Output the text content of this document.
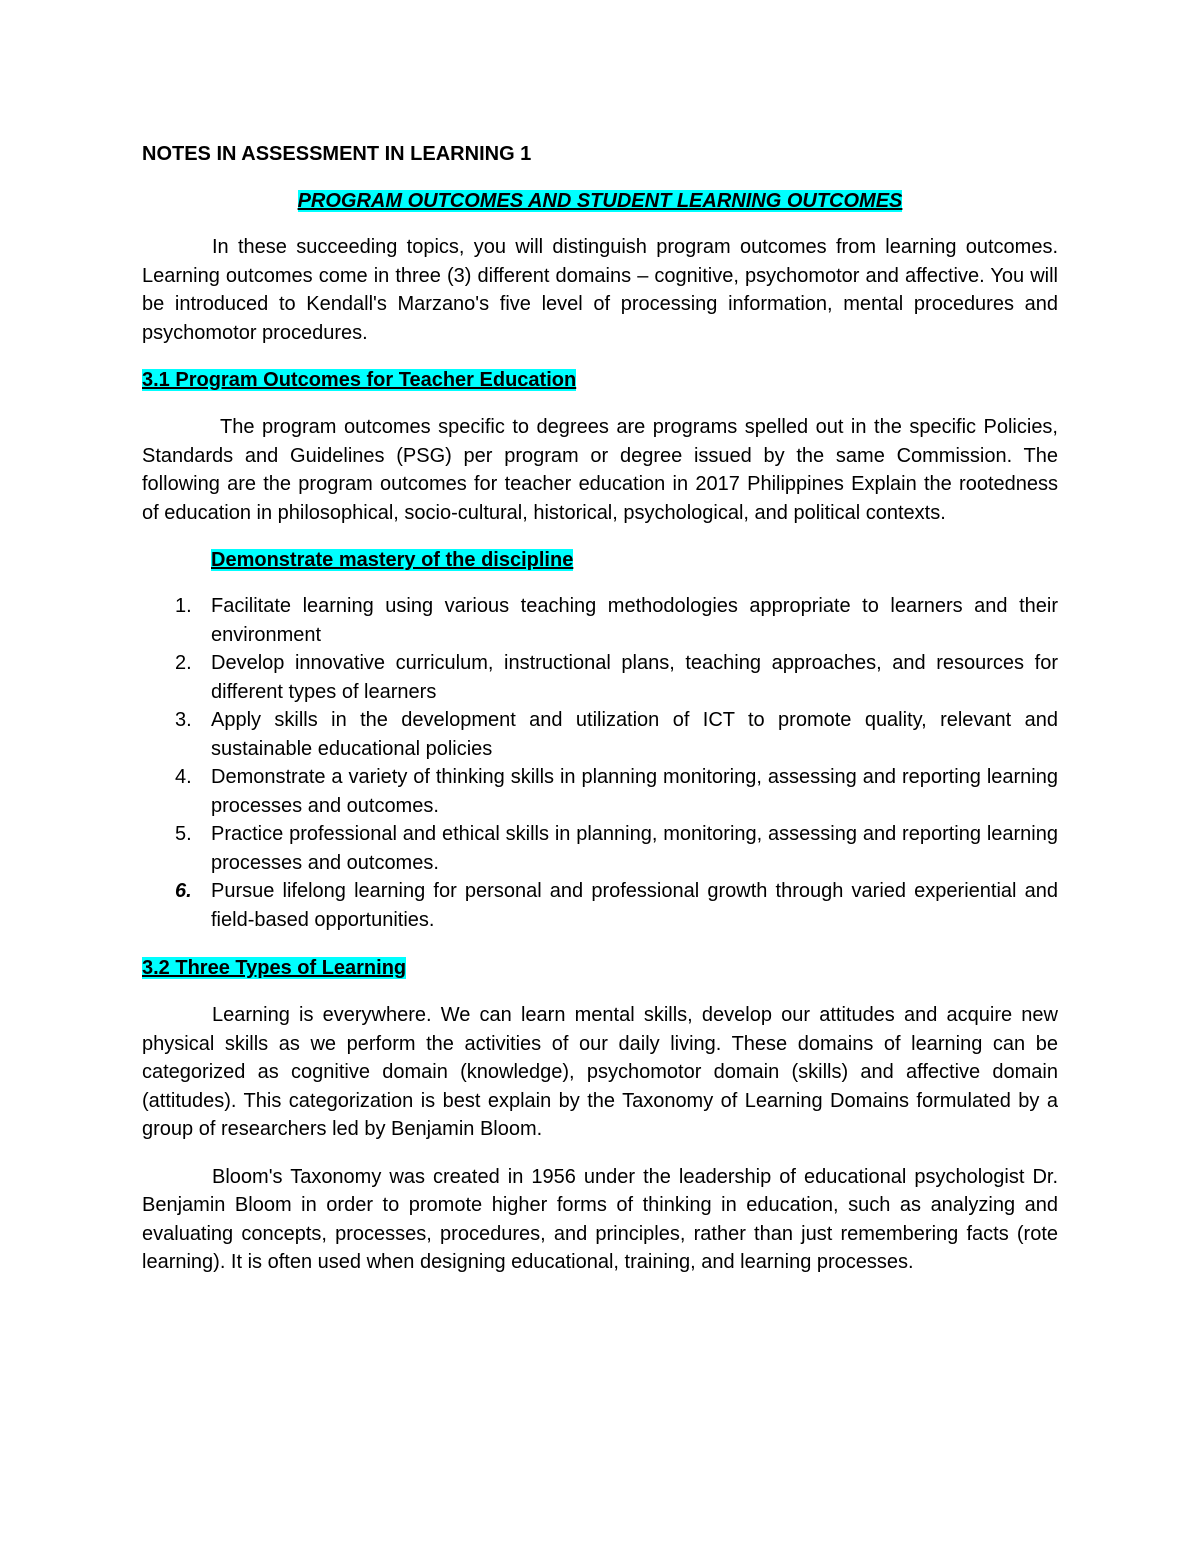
NOTES IN ASSESSMENT IN LEARNING 1

PROGRAM OUTCOMES AND STUDENT LEARNING OUTCOMES

In these succeeding topics, you will distinguish program outcomes from learning outcomes. Learning outcomes come in three (3) different domains – cognitive, psychomotor and affective. You will be introduced to Kendall's Marzano's five level of processing information, mental procedures and psychomotor procedures.

3.1 Program Outcomes for Teacher Education

The program outcomes specific to degrees are programs spelled out in the specific Policies, Standards and Guidelines (PSG) per program or degree issued by the same Commission. The following are the program outcomes for teacher education in 2017 Philippines Explain the rootedness of education in philosophical, socio-cultural, historical, psychological, and political contexts.

Demonstrate mastery of the discipline

1. Facilitate learning using various teaching methodologies appropriate to learners and their environment
2. Develop innovative curriculum, instructional plans, teaching approaches, and resources for different types of learners
3. Apply skills in the development and utilization of ICT to promote quality, relevant and sustainable educational policies
4. Demonstrate a variety of thinking skills in planning monitoring, assessing and reporting learning processes and outcomes.
5. Practice professional and ethical skills in planning, monitoring, assessing and reporting learning processes and outcomes.
6. Pursue lifelong learning for personal and professional growth through varied experiential and field-based opportunities.

3.2 Three Types of Learning

Learning is everywhere. We can learn mental skills, develop our attitudes and acquire new physical skills as we perform the activities of our daily living. These domains of learning can be categorized as cognitive domain (knowledge), psychomotor domain (skills) and affective domain (attitudes). This categorization is best explain by the Taxonomy of Learning Domains formulated by a group of researchers led by Benjamin Bloom.

Bloom's Taxonomy was created in 1956 under the leadership of educational psychologist Dr. Benjamin Bloom in order to promote higher forms of thinking in education, such as analyzing and evaluating concepts, processes, procedures, and principles, rather than just remembering facts (rote learning). It is often used when designing educational, training, and learning processes.
